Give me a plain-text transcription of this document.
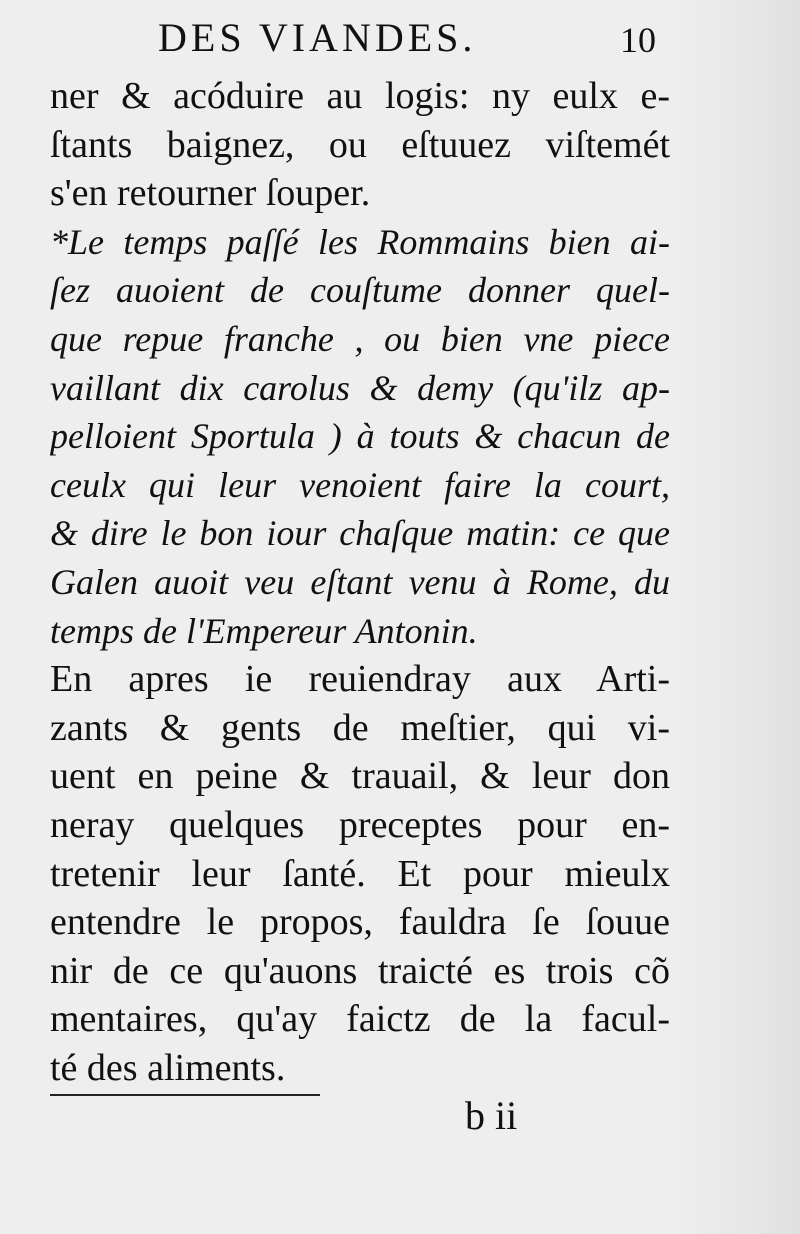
DES VIANDES.	10
ner & acóduire au logis: ny eulx e-
ſtants baignez, ou eſtuuez viſtemét
s'en retourner ſouper.
*Le temps paſſé les Rommains bien ai-
ſez auoient de couſtume donner quel-
que repue franche , ou bien vne piece
vaillant dix carolus & demy (qu'ilz ap-
pelloient Sportula ) à touts & chacun de
ceulx qui leur venoient faire la court,
& dire le bon iour chaſque matin: ce que
Galen auoit veu eſtant venu à Rome, du
temps de l'Empereur Antonin.
En apres ie reuiendray aux Arti-
zants & gents de meſtier, qui vi-
uent en peine & trauail, & leur don
neray quelques preceptes pour en-
tretenir leur ſanté. Et pour mieulx
entendre le propos, fauldra ſe ſouue
nir de ce qu'auons traicté es trois cõ
mentaires, qu'ay faictz de la facul-
té des aliments.
b ii
